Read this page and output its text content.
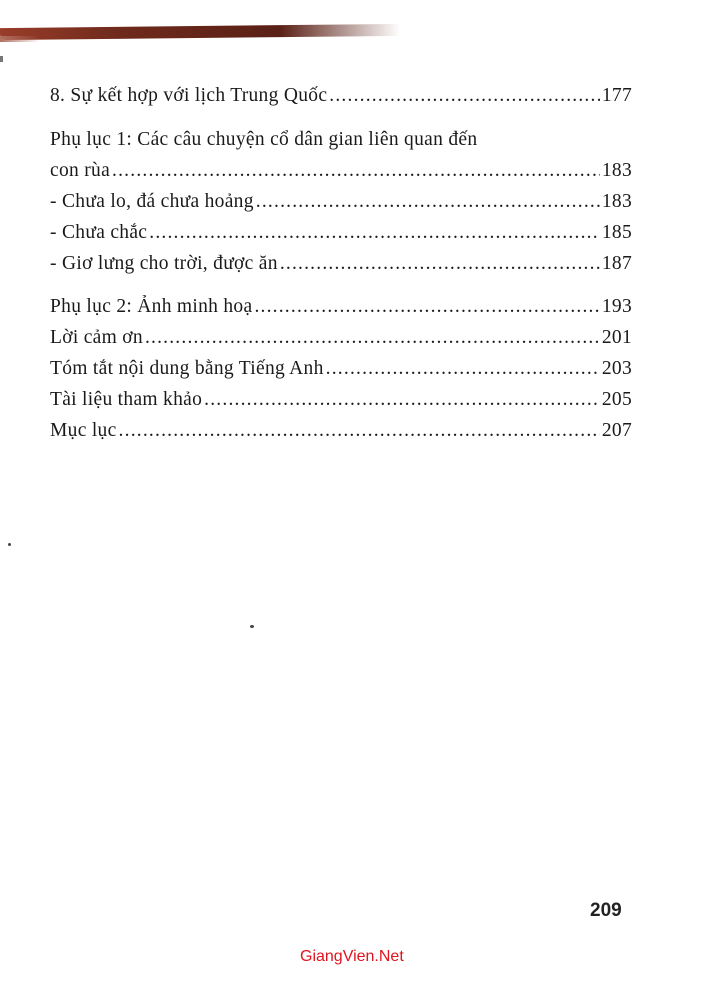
8. Sự kết hợp với lịch Trung Quốc .....	177
Phụ lục 1: Các câu chuyện cổ dân gian liên quan đến
con rùa .....	183
- Chưa lo, đá chưa hoảng .....	183
- Chưa chắc .....	185
- Giơ lưng cho trời, được ăn .....	187
Phụ lục 2: Ảnh minh hoạ .....	193
Lời cảm ơn .....	201
Tóm tắt nội dung bằng Tiếng Anh .....	203
Tài liệu tham khảo .....	205
Mục lục .....	207
209
GiangVien.Net
